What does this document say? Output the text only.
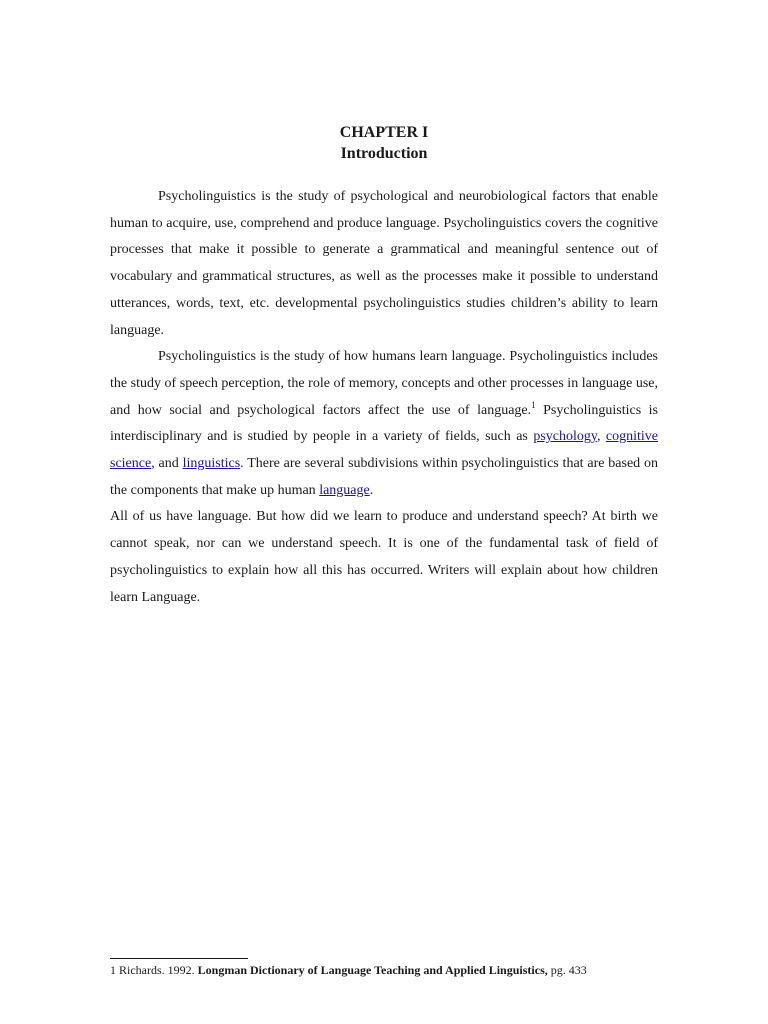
CHAPTER I
Introduction

Psycholinguistics is the study of psychological and neurobiological factors that enable human to acquire, use, comprehend and produce language. Psycholinguistics covers the cognitive processes that make it possible to generate a grammatical and meaningful sentence out of vocabulary and grammatical structures, as well as the processes make it possible to understand utterances, words, text, etc. developmental psycholinguistics studies children’s ability to learn language.

Psycholinguistics is the study of how humans learn language. Psycholinguistics includes the study of speech perception, the role of memory, concepts and other processes in language use, and how social and psychological factors affect the use of language.$^1$ Psycholinguistics is interdisciplinary and is studied by people in a variety of fields, such as psychology, cognitive science, and linguistics. There are several subdivisions within psycholinguistics that are based on the components that make up human language.

All of us have language. But how did we learn to produce and understand speech? At birth we cannot speak, nor can we understand speech. It is one of the fundamental task of field of psycholinguistics to explain how all this has occurred. Writers will explain about how children learn Language.

1 Richards. 1992. Longman Dictionary of Language Teaching and Applied Linguistics, pg. 433
